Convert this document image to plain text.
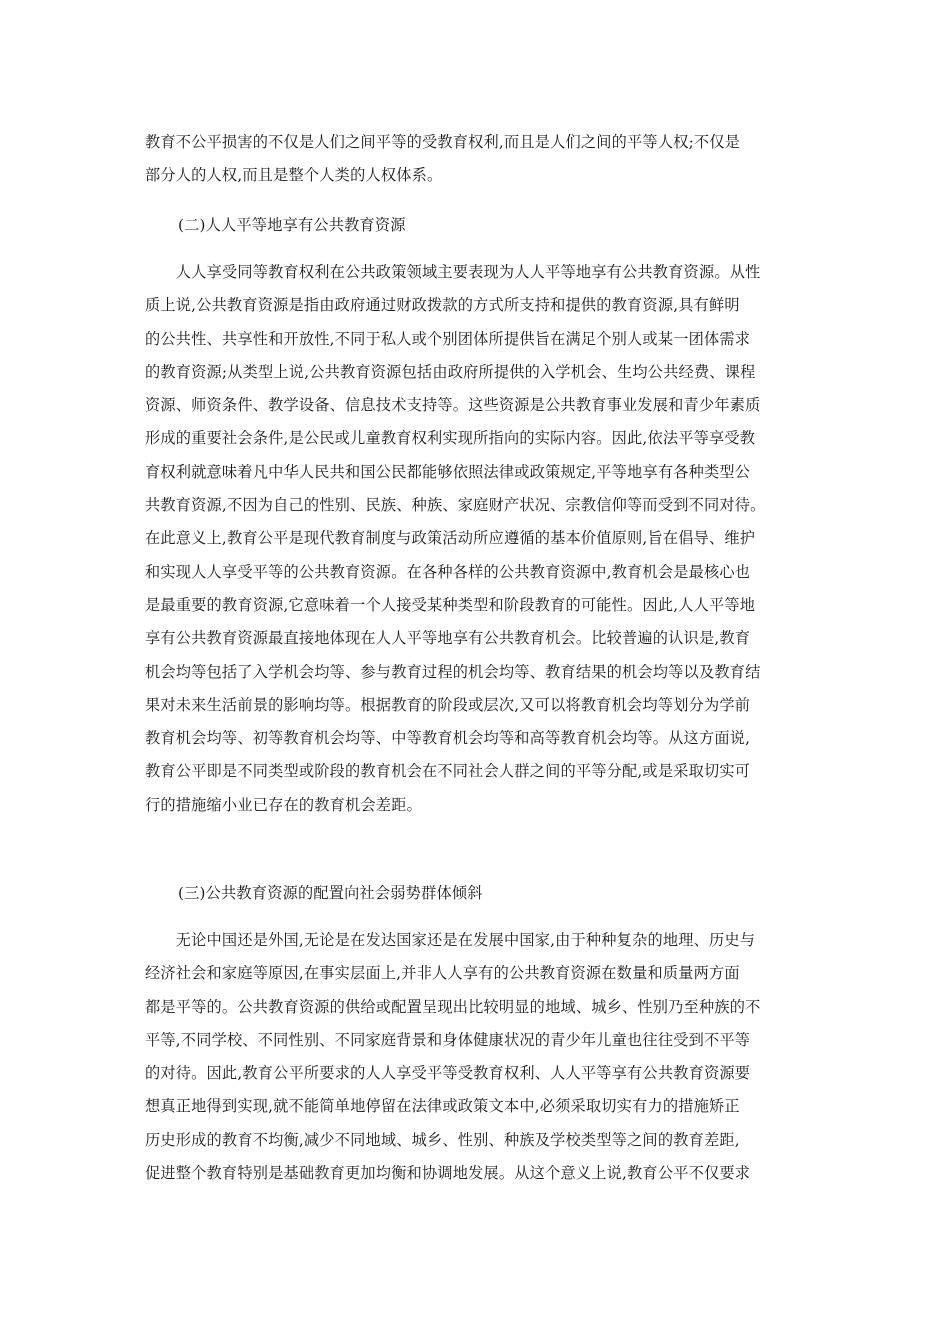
教育不公平损害的不仅是人们之间平等的受教育权利,而且是人们之间的平等人权;不仅是
部分人的人权,而且是整个人类的人权体系。
(二)人人平等地享有公共教育资源
　　人人享受同等教育权利在公共政策领域主要表现为人人平等地享有公共教育资源。从性
质上说,公共教育资源是指由政府通过财政拨款的方式所支持和提供的教育资源,具有鲜明
的公共性、共享性和开放性,不同于私人或个别团体所提供旨在满足个别人或某一团体需求
的教育资源;从类型上说,公共教育资源包括由政府所提供的入学机会、生均公共经费、课程
资源、师资条件、教学设备、信息技术支持等。这些资源是公共教育事业发展和青少年素质
形成的重要社会条件,是公民或儿童教育权利实现所指向的实际内容。因此,依法平等享受教
育权利就意味着凡中华人民共和国公民都能够依照法律或政策规定,平等地享有各种类型公
共教育资源,不因为自己的性别、民族、种族、家庭财产状况、宗教信仰等而受到不同对待。
在此意义上,教育公平是现代教育制度与政策活动所应遵循的基本价值原则,旨在倡导、维护
和实现人人享受平等的公共教育资源。在各种各样的公共教育资源中,教育机会是最核心也
是最重要的教育资源,它意味着一个人接受某种类型和阶段教育的可能性。因此,人人平等地
享有公共教育资源最直接地体现在人人平等地享有公共教育机会。比较普遍的认识是,教育
机会均等包括了入学机会均等、参与教育过程的机会均等、教育结果的机会均等以及教育结
果对未来生活前景的影响均等。根据教育的阶段或层次,又可以将教育机会均等划分为学前
教育机会均等、初等教育机会均等、中等教育机会均等和高等教育机会均等。从这方面说,
教育公平即是不同类型或阶段的教育机会在不同社会人群之间的平等分配,或是采取切实可
行的措施缩小业已存在的教育机会差距。
(三)公共教育资源的配置向社会弱势群体倾斜
　　无论中国还是外国,无论是在发达国家还是在发展中国家,由于种种复杂的地理、历史与
经济社会和家庭等原因,在事实层面上,并非人人享有的公共教育资源在数量和质量两方面
都是平等的。公共教育资源的供给或配置呈现出比较明显的地域、城乡、性别乃至种族的不
平等,不同学校、不同性别、不同家庭背景和身体健康状况的青少年儿童也往往受到不平等
的对待。因此,教育公平所要求的人人享受平等受教育权利、人人平等享有公共教育资源要
想真正地得到实现,就不能简单地停留在法律或政策文本中,必须采取切实有力的措施矫正
历史形成的教育不均衡,减少不同地域、城乡、性别、种族及学校类型等之间的教育差距,
促进整个教育特别是基础教育更加均衡和协调地发展。从这个意义上说,教育公平不仅要求
